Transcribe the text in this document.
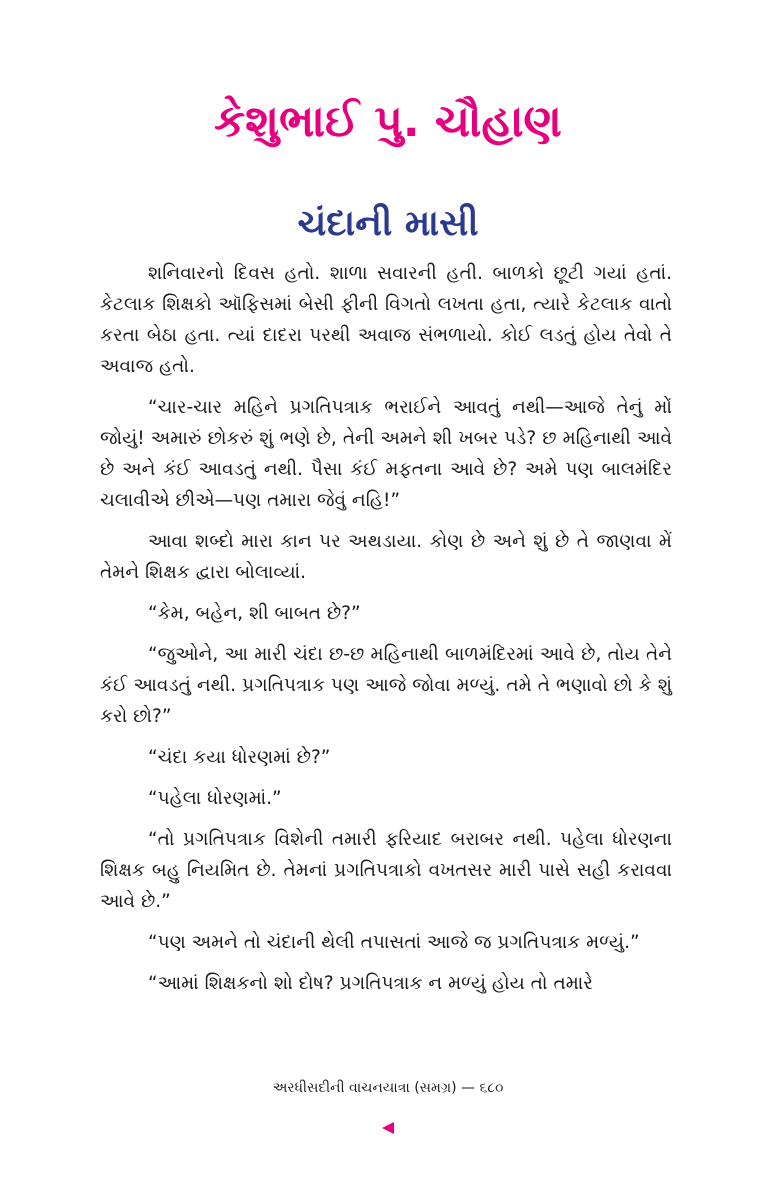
કેશુભાઈ પુ. ચૌહાણ
ચંદાની માસી

શનિવારનો દિવસ હતો. શાળા સવારની હતી. બાળકો છૂટી ગયાં હતાં. કેટલાક શિક્ષકો ઑફિસમાં બેસી ફીની વિગતો લખતા હતા, ત્યારે કેટલાક વાતો કરતા બેઠા હતા. ત્યાં દાદરા પરથી અવાજ સંભળાયો. કોઈ લડતું હોય તેવો તે અવાજ હતો.

“ચાર-ચાર મહિને પ્રગતિપત્રાક ભરાઈને આવતું નથી—આજે તેનું મોં જોયું! અમારું છોકરું શું ભણે છે, તેની અમને શી ખબર પડે? છ મહિનાથી આવે છે અને કંઈ આવડતું નથી. પૈસા કંઈ મફતના આવે છે? અમે પણ બાલમંદિર ચલાવીએ છીએ—પણ તમારા જેવું નહિ!”

આવા શબ્દો મારા કાન પર અથડાયા. કોણ છે અને શું છે તે જાણવા મેં તેમને શિક્ષક દ્વારા બોલાવ્યાં.

“કેમ, બહેન, શી બાબત છે?”

“જુઓને, આ મારી ચંદા છ-છ મહિનાથી બાળમંદિરમાં આવે છે, તોય તેને કંઈ આવડતું નથી. પ્રગતિપત્રાક પણ આજે જોવા મળ્યું. તમે તે ભણાવો છો કે શું કરો છો?”

“ચંદા કયા ધોરણમાં છે?”

“પહેલા ધોરણમાં.”

“તો પ્રગતિપત્રાક વિશેની તમારી ફરિયાદ બરાબર નથી. પહેલા ધોરણના શિક્ષક બહુ નિયમિત છે. તેમનાં પ્રગતિપત્રાકો વખતસર મારી પાસે સહી કરાવવા આવે છે.”

“પણ અમને તો ચંદાની થેલી તપાસતાં આજે જ પ્રગતિપત્રાક મળ્યું.”

“આમાં શિક્ષકનો શો દોષ? પ્રગતિપત્રાક ન મળ્યું હોય તો તમારે

અરધીસદીની વાચનયાત્રા (સમગ્ર) — ૬૮૦
